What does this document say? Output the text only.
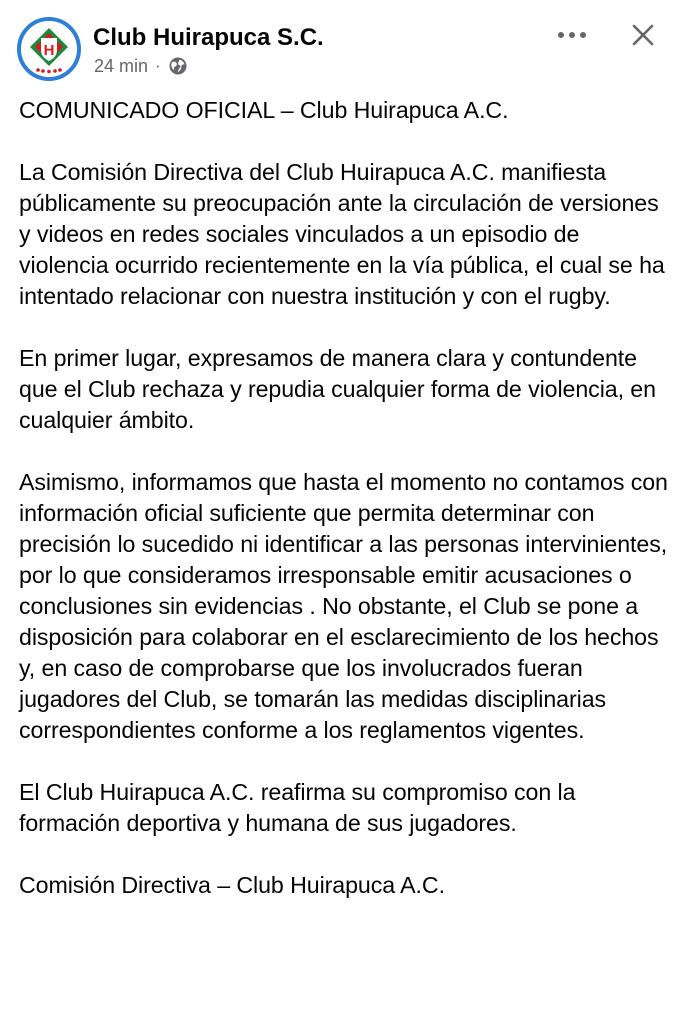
H Club Huirapuca S.C.
24 min ·

COMUNICADO OFICIAL – Club Huirapuca A.C.

La Comisión Directiva del Club Huirapuca A.C. manifiesta públicamente su preocupación ante la circulación de versiones y videos en redes sociales vinculados a un episodio de violencia ocurrido recientemente en la vía pública, el cual se ha intentado relacionar con nuestra institución y con el rugby.

En primer lugar, expresamos de manera clara y contundente que el Club rechaza y repudia cualquier forma de violencia, en cualquier ámbito.

Asimismo, informamos que hasta el momento no contamos con información oficial suficiente que permita determinar con precisión lo sucedido ni identificar a las personas intervinientes, por lo que consideramos irresponsable emitir acusaciones o conclusiones sin evidencias . No obstante, el Club se pone a disposición para colaborar en el esclarecimiento de los hechos y, en caso de comprobarse que los involucrados fueran jugadores del Club, se tomarán las medidas disciplinarias correspondientes conforme a los reglamentos vigentes.

El Club Huirapuca A.C. reafirma su compromiso con la formación deportiva y humana de sus jugadores.

Comisión Directiva – Club Huirapuca A.C.
